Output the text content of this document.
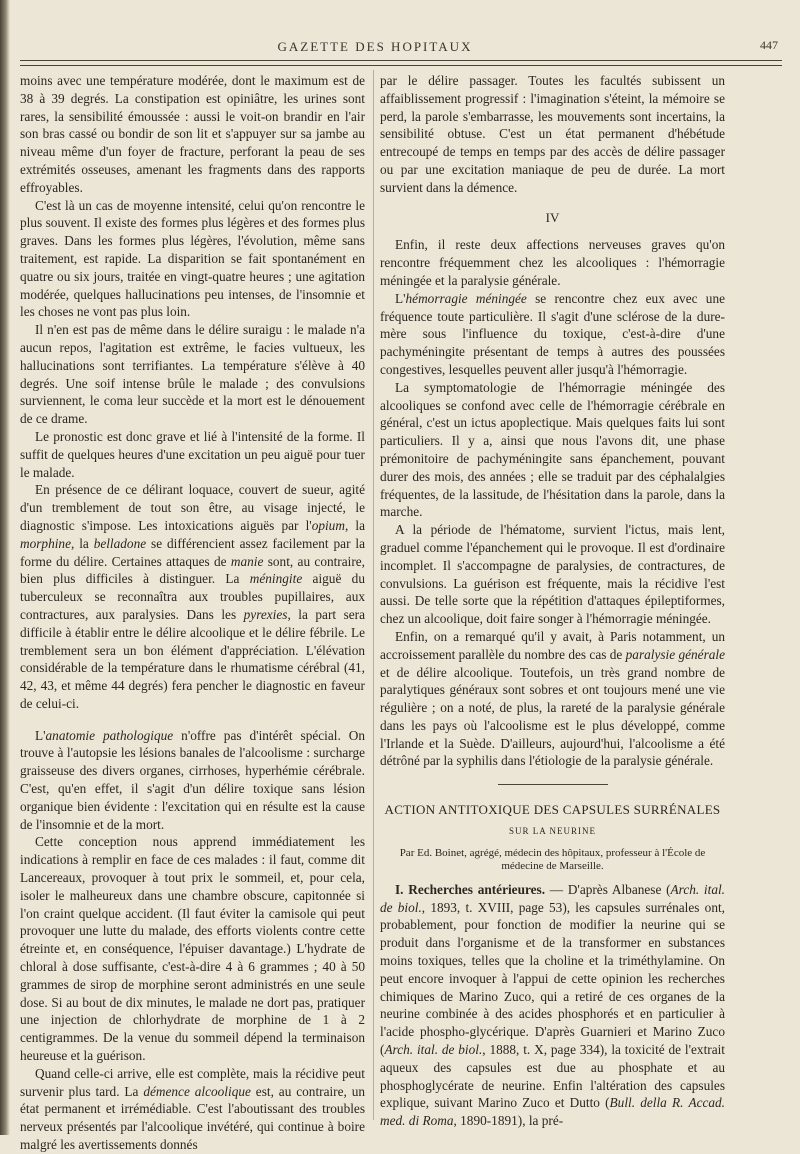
GAZETTE DES HOPITAUX	447

moins avec une température modérée, dont le maximum est de 38 à 39 degrés. La constipation est opiniâtre, les urines sont rares, la sensibilité émoussée : aussi le voit-on brandir en l'air son bras cassé ou bondir de son lit et s'appuyer sur sa jambe au niveau même d'un foyer de fracture, perforant la peau de ses extrémités osseuses, amenant les fragments dans des rapports effroyables.

C'est là un cas de moyenne intensité, celui qu'on rencontre le plus souvent. Il existe des formes plus légères et des formes plus graves. Dans les formes plus légères, l'évolution, même sans traitement, est rapide. La disparition se fait spontanément en quatre ou six jours, traitée en vingt-quatre heures ; une agitation modérée, quelques hallucinations peu intenses, de l'insomnie et les choses ne vont pas plus loin.

Il n'en est pas de même dans le délire suraigu : le malade n'a aucun repos, l'agitation est extrême, le facies vultueux, les hallucinations sont terrifiantes. La température s'élève à 40 degrés. Une soif intense brûle le malade ; des convulsions surviennent, le coma leur succède et la mort est le dénouement de ce drame.

Le pronostic est donc grave et lié à l'intensité de la forme. Il suffit de quelques heures d'une excitation un peu aiguë pour tuer le malade.

En présence de ce délirant loquace, couvert de sueur, agité d'un tremblement de tout son être, au visage injecté, le diagnostic s'impose. Les intoxications aiguës par l'opium, la morphine, la belladone se différencient assez facilement par la forme du délire. Certaines attaques de manie sont, au contraire, bien plus difficiles à distinguer. La méningite aiguë du tuberculeux se reconnaîtra aux troubles pupillaires, aux contractures, aux paralysies. Dans les pyrexies, la part sera difficile à établir entre le délire alcoolique et le délire fébrile. Le tremblement sera un bon élément d'appréciation. L'élévation considérable de la température dans le rhumatisme cérébral (41, 42, 43, et même 44 degrés) fera pencher le diagnostic en faveur de celui-ci.

L'anatomie pathologique n'offre pas d'intérêt spécial. On trouve à l'autopsie les lésions banales de l'alcoolisme : surcharge graisseuse des divers organes, cirrhoses, hyperhémie cérébrale. C'est, qu'en effet, il s'agit d'un délire toxique sans lésion organique bien évidente : l'excitation qui en résulte est la cause de l'insomnie et de la mort.

Cette conception nous apprend immédiatement les indications à remplir en face de ces malades : il faut, comme dit Lancereaux, provoquer à tout prix le sommeil, et, pour cela, isoler le malheureux dans une chambre obscure, capitonnée si l'on craint quelque accident. (Il faut éviter la camisole qui peut provoquer une lutte du malade, des efforts violents contre cette étreinte et, en conséquence, l'épuiser davantage.) L'hydrate de chloral à dose suffisante, c'est-à-dire 4 à 6 grammes ; 40 à 50 grammes de sirop de morphine seront administrés en une seule dose. Si au bout de dix minutes, le malade ne dort pas, pratiquer une injection de chlorhydrate de morphine de 1 à 2 centigrammes. De la venue du sommeil dépend la terminaison heureuse et la guérison.

Quand celle-ci arrive, elle est complète, mais la récidive peut survenir plus tard. La démence alcoolique est, au contraire, un état permanent et irrémédiable. C'est l'aboutissant des troubles nerveux présentés par l'alcoolique invétéré, qui continue à boire malgré les avertissements donnés

par le délire passager. Toutes les facultés subissent un affaiblissement progressif : l'imagination s'éteint, la mémoire se perd, la parole s'embarrasse, les mouvements sont incertains, la sensibilité obtuse. C'est un état permanent d'hébétude entrecoupé de temps en temps par des accès de délire passager ou par une excitation maniaque de peu de durée. La mort survient dans la démence.

IV

Enfin, il reste deux affections nerveuses graves qu'on rencontre fréquemment chez les alcooliques : l'hémorragie méningée et la paralysie générale.

L'hémorragie méningée se rencontre chez eux avec une fréquence toute particulière. Il s'agit d'une sclérose de la dure-mère sous l'influence du toxique, c'est-à-dire d'une pachyméningite présentant de temps à autres des poussées congestives, lesquelles peuvent aller jusqu'à l'hémorragie.

La symptomatologie de l'hémorragie méningée des alcooliques se confond avec celle de l'hémorragie cérébrale en général, c'est un ictus apoplectique. Mais quelques faits lui sont particuliers. Il y a, ainsi que nous l'avons dit, une phase prémonitoire de pachyméningite sans épanchement, pouvant durer des mois, des années ; elle se traduit par des céphalalgies fréquentes, de la lassitude, de l'hésitation dans la parole, dans la marche.

A la période de l'hématome, survient l'ictus, mais lent, graduel comme l'épanchement qui le provoque. Il est d'ordinaire incomplet. Il s'accompagne de paralysies, de contractures, de convulsions. La guérison est fréquente, mais la récidive l'est aussi. De telle sorte que la répétition d'attaques épileptiformes, chez un alcoolique, doit faire songer à l'hémorragie méningée.

Enfin, on a remarqué qu'il y avait, à Paris notamment, un accroissement parallèle du nombre des cas de paralysie générale et de délire alcoolique. Toutefois, un très grand nombre de paralytiques généraux sont sobres et ont toujours mené une vie régulière ; on a noté, de plus, la rareté de la paralysie générale dans les pays où l'alcoolisme est le plus développé, comme l'Irlande et la Suède. D'ailleurs, aujourd'hui, l'alcoolisme a été détrôné par la syphilis dans l'étiologie de la paralysie générale.

ACTION ANTITOXIQUE DES CAPSULES SURRÉNALES
SUR LA NEURINE
Par Ed. Boinet, agrégé, médecin des hôpitaux, professeur à l'École de médecine de Marseille.

I. Recherches antérieures. — D'après Albanese (Arch. ital. de biol., 1893, t. XVIII, page 53), les capsules surrénales ont, probablement, pour fonction de modifier la neurine qui se produit dans l'organisme et de la transformer en substances moins toxiques, telles que la choline et la triméthylamine. On peut encore invoquer à l'appui de cette opinion les recherches chimiques de Marino Zuco, qui a retiré de ces organes de la neurine combinée à des acides phosphorés et en particulier à l'acide phospho-glycérique. D'après Guarnieri et Marino Zuco (Arch. ital. de biol., 1888, t. X, page 334), la toxicité de l'extrait aqueux des capsules est due au phosphate et au phosphoglycérate de neurine. Enfin l'altération des capsules explique, suivant Marino Zuco et Dutto (Bull. della R. Accad. med. di Roma, 1890-1891), la pré-
